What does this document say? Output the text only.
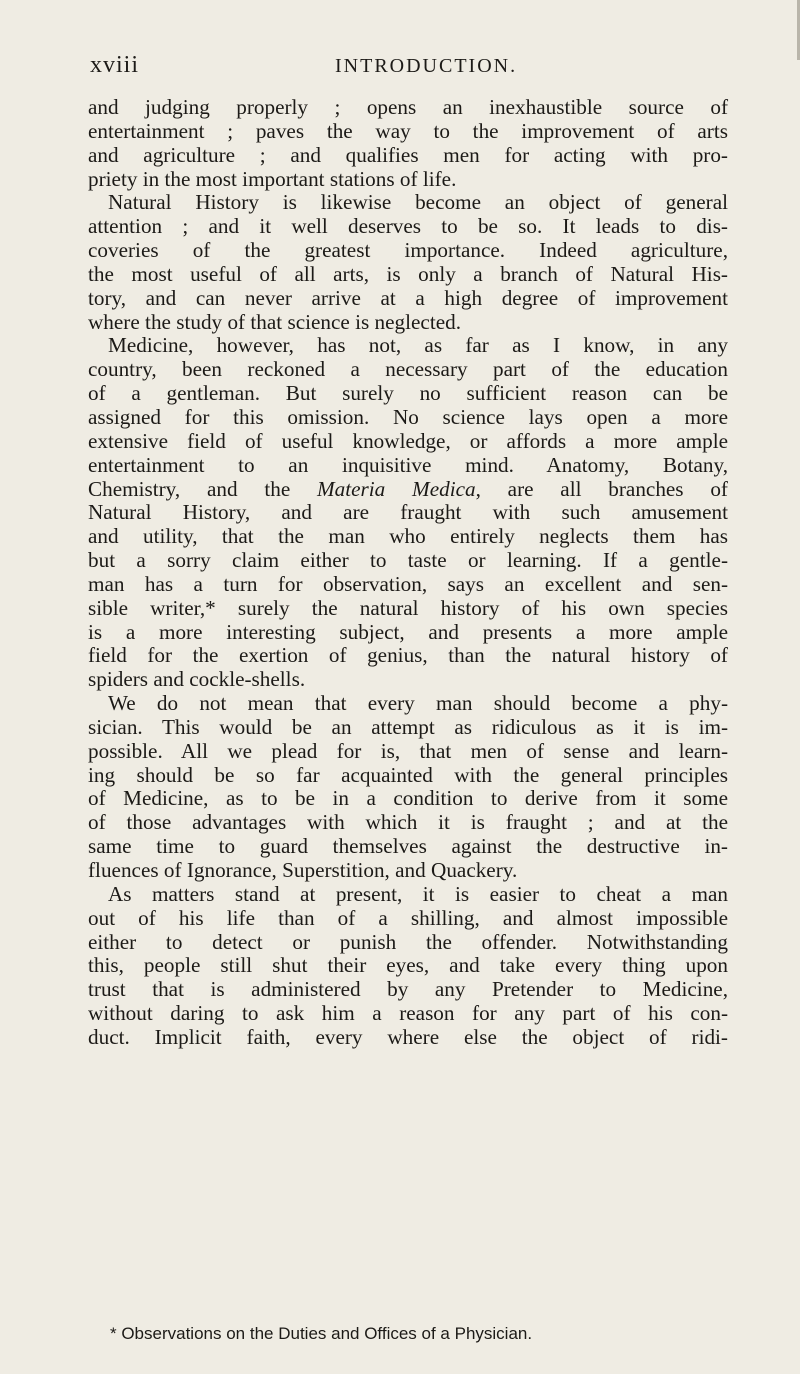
xviii	INTRODUCTION.
and judging properly ; opens an inexhaustible source of
entertainment ; paves the way to the improvement of arts
and agriculture ; and qualifies men for acting with pro-
priety in the most important stations of life.
Natural History is likewise become an object of general
attention ; and it well deserves to be so. It leads to dis-
coveries of the greatest importance. Indeed agriculture,
the most useful of all arts, is only a branch of Natural His-
tory, and can never arrive at a high degree of improvement
where the study of that science is neglected.
Medicine, however, has not, as far as I know, in any
country, been reckoned a necessary part of the education
of a gentleman. But surely no sufficient reason can be
assigned for this omission. No science lays open a more
extensive field of useful knowledge, or affords a more ample
entertainment to an inquisitive mind. Anatomy, Botany,
Chemistry, and the Materia Medica, are all branches of
Natural History, and are fraught with such amusement
and utility, that the man who entirely neglects them has
but a sorry claim either to taste or learning. If a gentle-
man has a turn for observation, says an excellent and sen-
sible writer,* surely the natural history of his own species
is a more interesting subject, and presents a more ample
field for the exertion of genius, than the natural history of
spiders and cockle-shells.
We do not mean that every man should become a phy-
sician. This would be an attempt as ridiculous as it is im-
possible. All we plead for is, that men of sense and learn-
ing should be so far acquainted with the general principles
of Medicine, as to be in a condition to derive from it some
of those advantages with which it is fraught ; and at the
same time to guard themselves against the destructive in-
fluences of Ignorance, Superstition, and Quackery.
As matters stand at present, it is easier to cheat a man
out of his life than of a shilling, and almost impossible
either to detect or punish the offender. Notwithstanding
this, people still shut their eyes, and take every thing upon
trust that is administered by any Pretender to Medicine,
without daring to ask him a reason for any part of his con-
duct. Implicit faith, every where else the object of ridi-
* Observations on the Duties and Offices of a Physician.
